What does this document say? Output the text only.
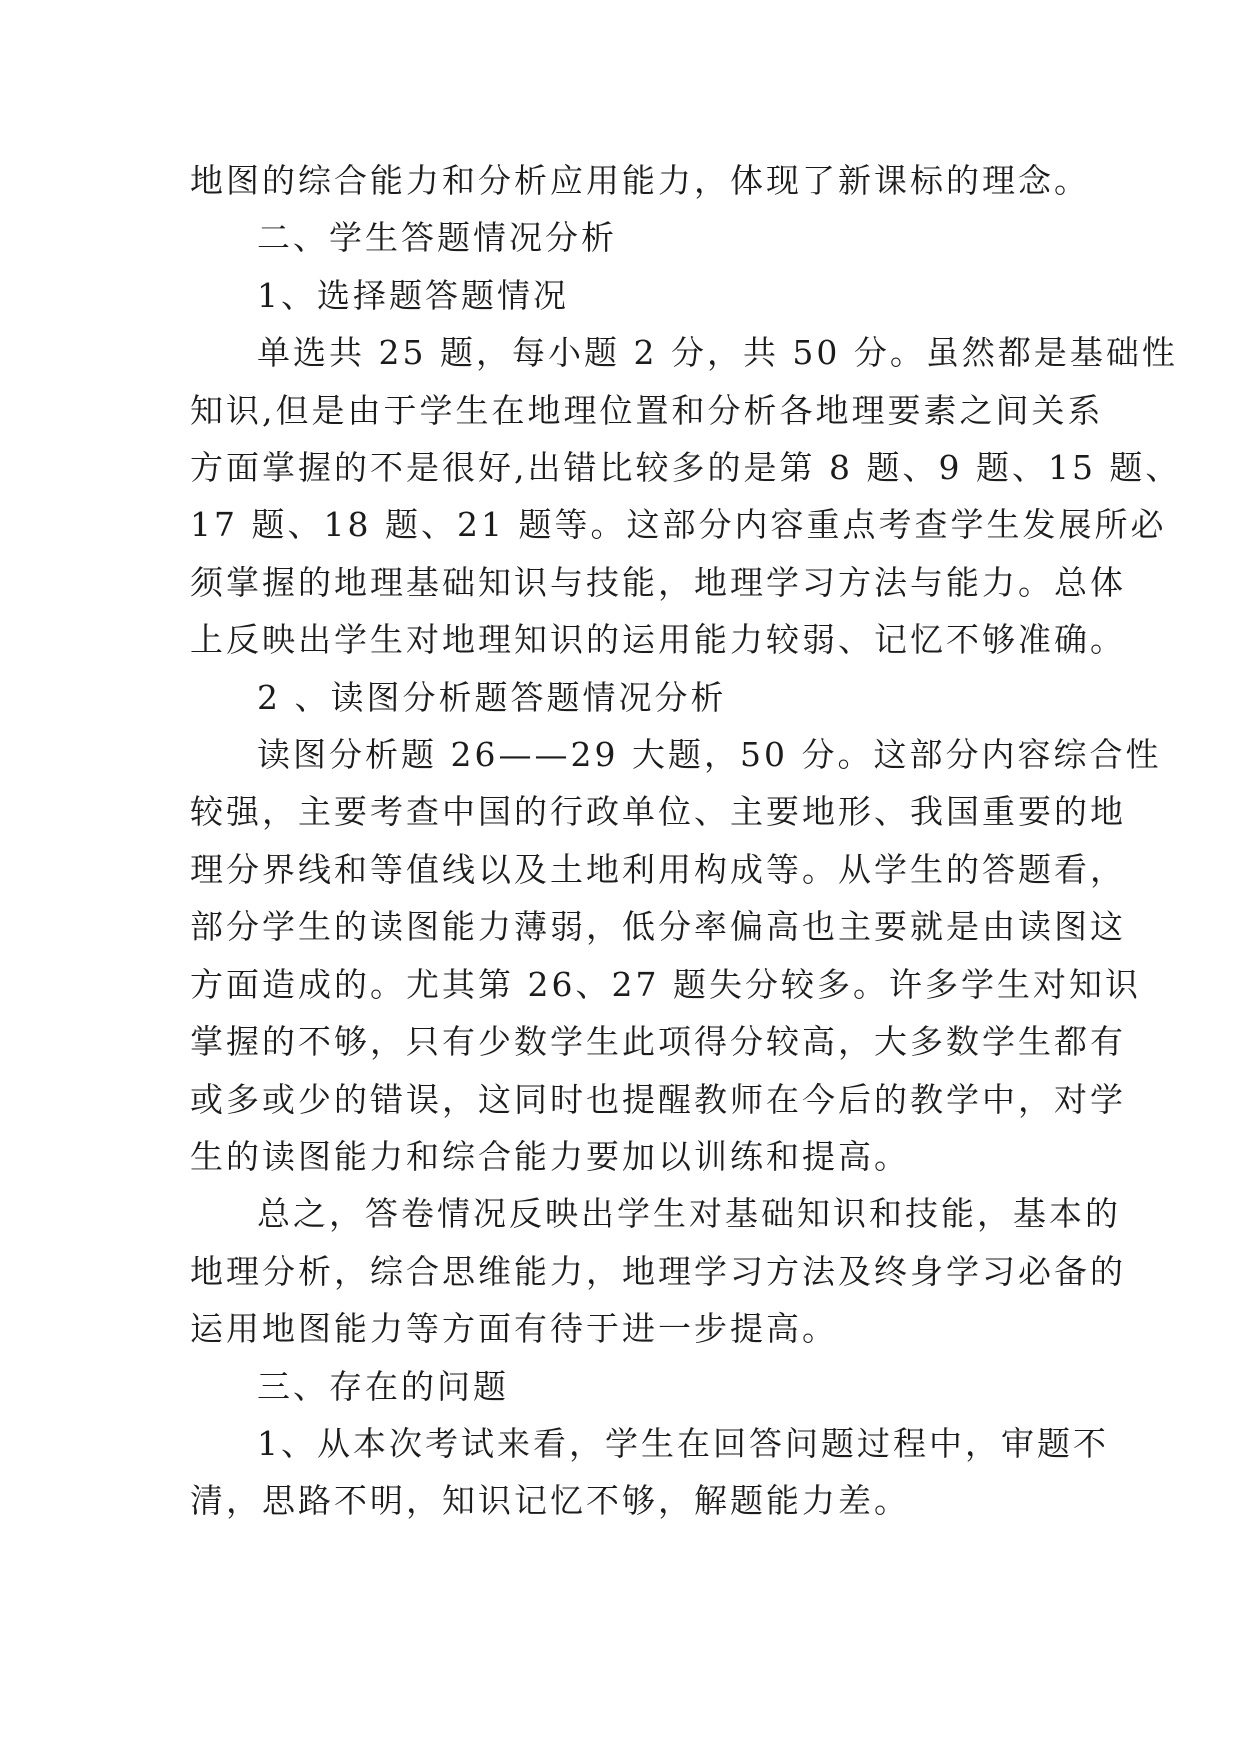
地图的综合能力和分析应用能力，体现了新课标的理念。
二、学生答题情况分析
1、选择题答题情况
单选共 25 题，每小题 2 分，共 50 分。虽然都是基础性
知识,但是由于学生在地理位置和分析各地理要素之间关系
方面掌握的不是很好,出错比较多的是第 8 题、9 题、15 题、
17 题、18 题、21 题等。这部分内容重点考查学生发展所必
须掌握的地理基础知识与技能，地理学习方法与能力。总体
上反映出学生对地理知识的运用能力较弱、记忆不够准确。
2 、读图分析题答题情况分析
读图分析题 26——29 大题，50 分。这部分内容综合性
较强，主要考查中国的行政单位、主要地形、我国重要的地
理分界线和等值线以及土地利用构成等。从学生的答题看，
部分学生的读图能力薄弱，低分率偏高也主要就是由读图这
方面造成的。尤其第 26、27 题失分较多。许多学生对知识
掌握的不够，只有少数学生此项得分较高，大多数学生都有
或多或少的错误，这同时也提醒教师在今后的教学中，对学
生的读图能力和综合能力要加以训练和提高。
总之，答卷情况反映出学生对基础知识和技能，基本的
地理分析，综合思维能力，地理学习方法及终身学习必备的
运用地图能力等方面有待于进一步提高。
三、存在的问题
1、从本次考试来看，学生在回答问题过程中，审题不
清，思路不明，知识记忆不够，解题能力差。
